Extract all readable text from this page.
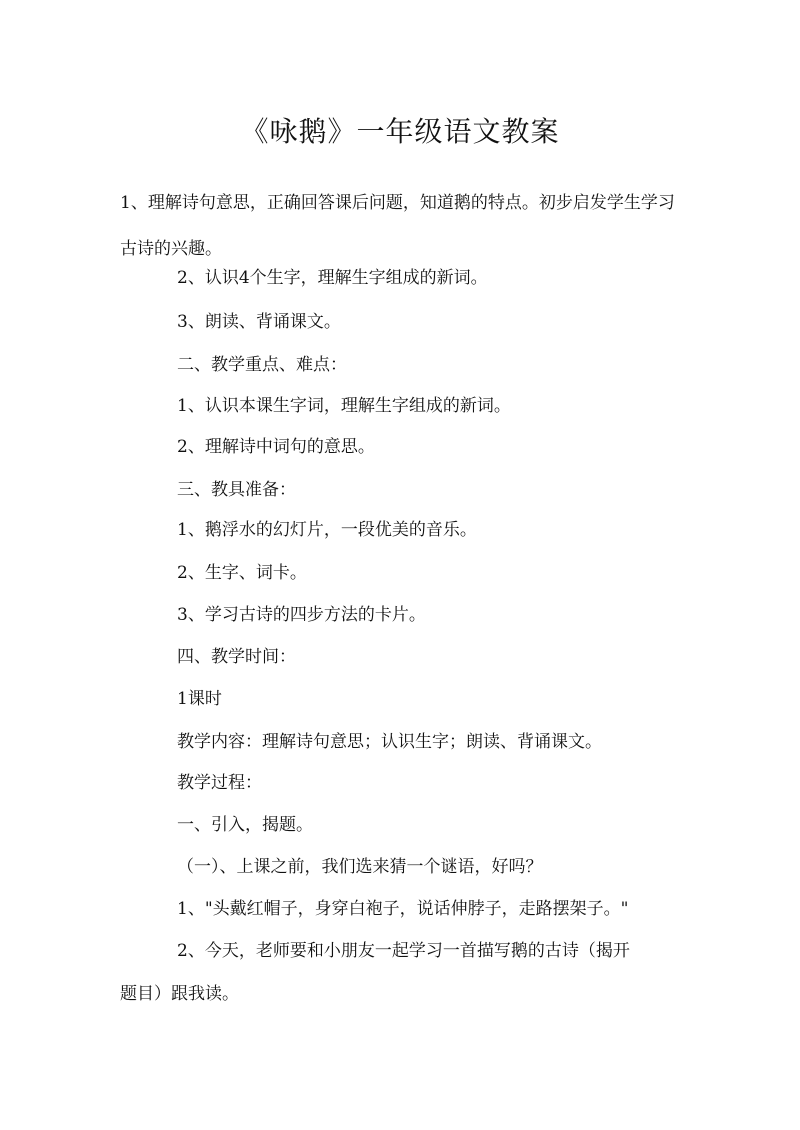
《咏鹅》一年级语文教案
1、理解诗句意思，正确回答课后问题，知道鹅的特点。初步启发学生学习古诗的兴趣。
2、认识4个生字，理解生字组成的新词。
3、朗读、背诵课文。
二、教学重点、难点：
1、认识本课生字词，理解生字组成的新词。
2、理解诗中词句的意思。
三、教具准备：
1、鹅浮水的幻灯片，一段优美的音乐。
2、生字、词卡。
3、学习古诗的四步方法的卡片。
四、教学时间：
1课时
教学内容：理解诗句意思；认识生字；朗读、背诵课文。
教学过程：
一、引入，揭题。
（一）、上课之前，我们选来猜一个谜语，好吗？
1、"头戴红帽子，身穿白袍子，说话伸脖子，走路摆架子。"
2、今天，老师要和小朋友一起学习一首描写鹅的古诗（揭开
题目）跟我读。
